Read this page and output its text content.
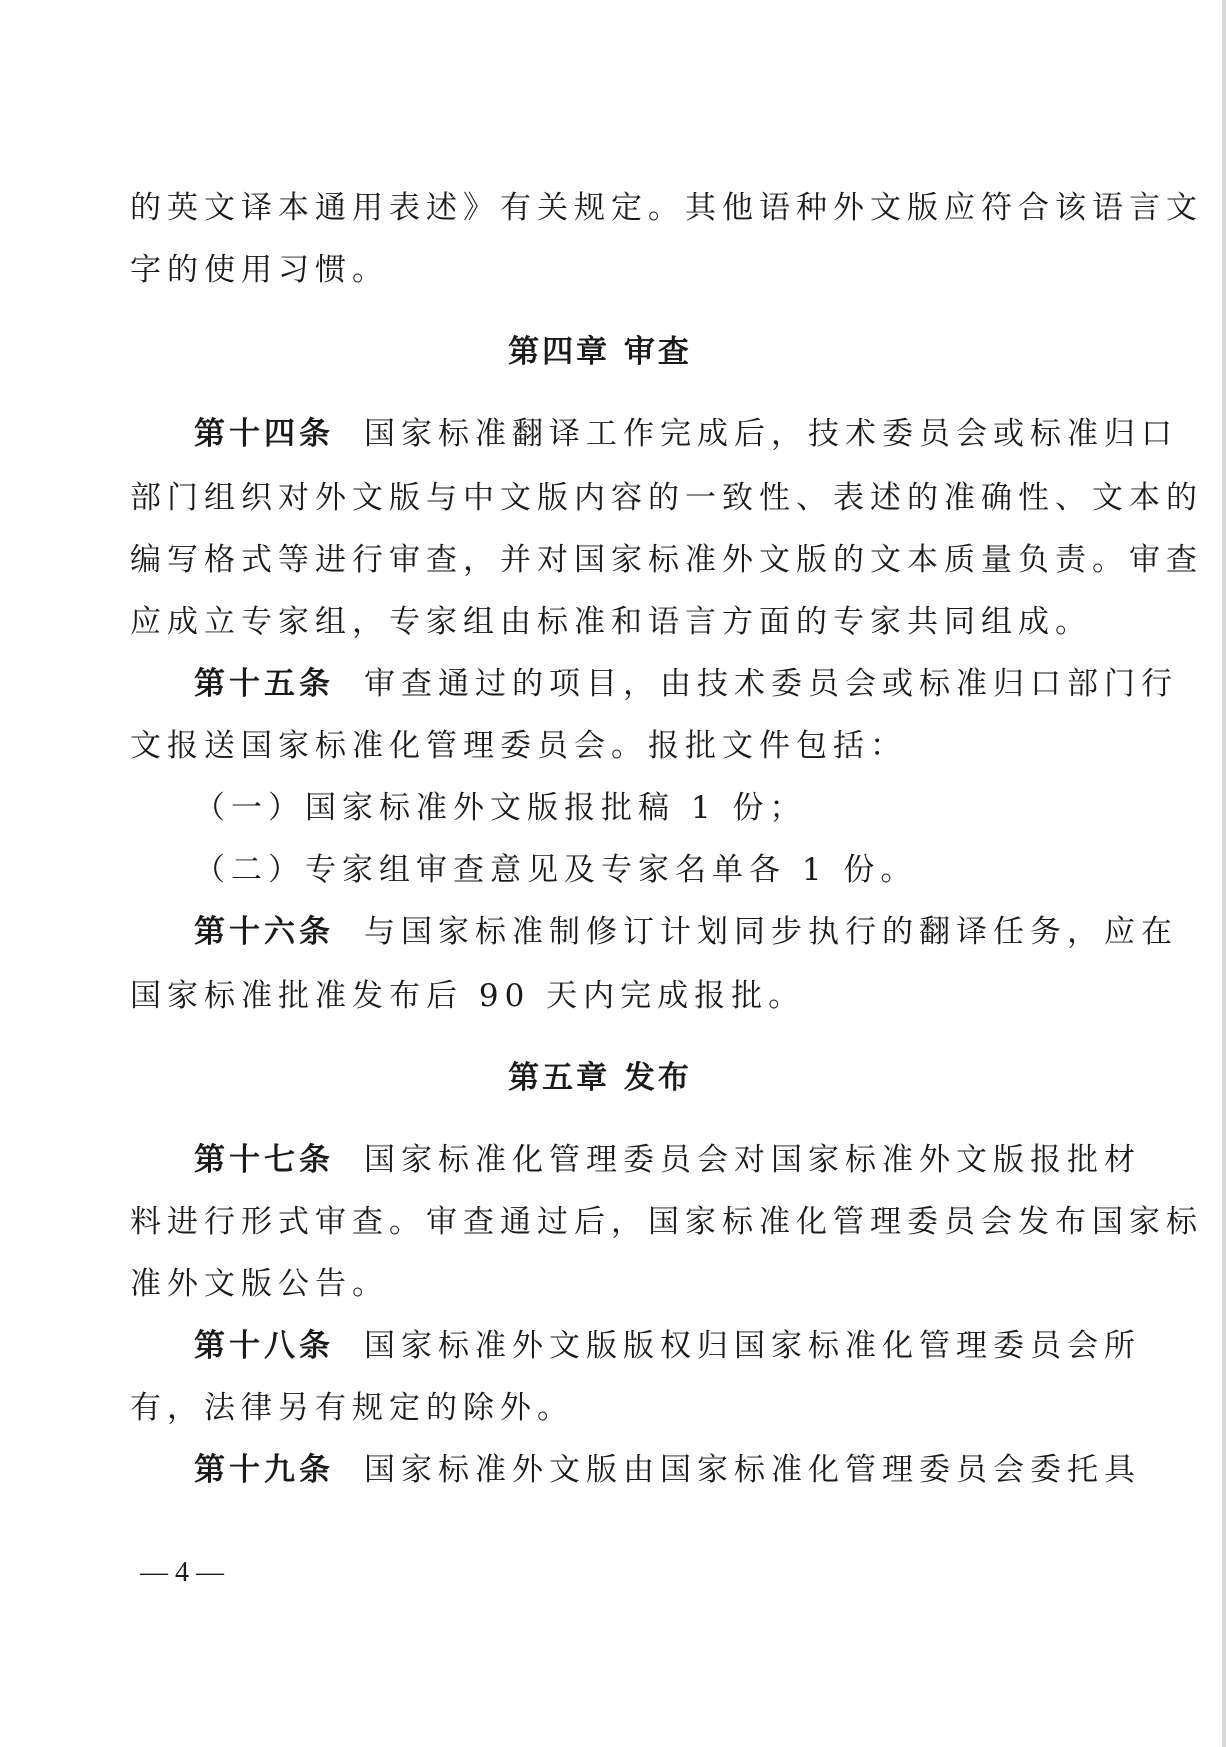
的英文译本通用表述》有关规定。其他语种外文版应符合该语言文
字的使用习惯。
第四章 审查
第十四条 国家标准翻译工作完成后，技术委员会或标准归口
部门组织对外文版与中文版内容的一致性、表述的准确性、文本的
编写格式等进行审查，并对国家标准外文版的文本质量负责。审查
应成立专家组，专家组由标准和语言方面的专家共同组成。
第十五条 审查通过的项目，由技术委员会或标准归口部门行
文报送国家标准化管理委员会。报批文件包括：
（一）国家标准外文版报批稿 1 份；
（二）专家组审查意见及专家名单各 1 份。
第十六条 与国家标准制修订计划同步执行的翻译任务，应在
国家标准批准发布后 90 天内完成报批。
第五章 发布
第十七条 国家标准化管理委员会对国家标准外文版报批材
料进行形式审查。审查通过后，国家标准化管理委员会发布国家标
准外文版公告。
第十八条 国家标准外文版版权归国家标准化管理委员会所
有，法律另有规定的除外。
第十九条 国家标准外文版由国家标准化管理委员会委托具
— 4 —
